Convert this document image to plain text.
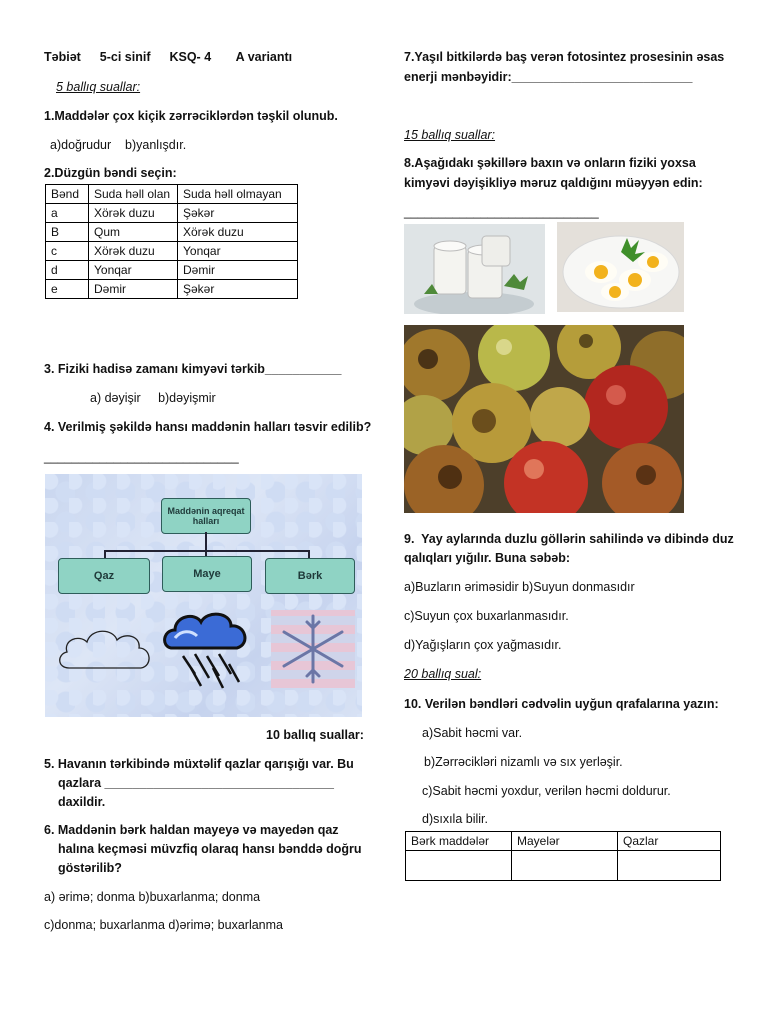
Təbiət 5-ci sinif KSQ- 4 A variantı
5 ballıq suallar:
1.Maddələr çox kiçik zərrəciklərdən təşkil olunub.
a)doğrudur    b)yanlışdır.
2.Düzgün bəndi seçin:
Bənd	Suda həll olan	Suda həll olmayan
a	Xörək duzu	Şəkər
B	Qum	Xörək duzu
c	Xörək duzu	Yonqar
d	Yonqar	Dəmir
e	Dəmir	Şəkər
3. Fiziki hadisə zamanı kimyəvi tərkib___________
a) dəyişir     b)dəyişmir
4. Verilmiş şəkildə hansı maddənin halları təsvir edilib?
____________________________
Maddənin aqreqat halları
Qaz	Maye	Bərk
10 ballıq suallar:
5. Havanın tərkibində müxtəlif qazlar qarışığı var. Bu
qazlara _________________________________
daxildir.
6. Maddənin bərk haldan mayeyə və mayedən qaz
halına keçməsi müvzfiq olaraq hansı bənddə doğru
göstərilib?
a) ərimə; donma b)buxarlanma; donma
c)donma; buxarlanma d)ərimə; buxarlanma
7.Yaşıl bitkilərdə baş verən fotosintez prosesinin əsas
enerji mənbəyidir:__________________________
15 ballıq suallar:
8.Aşağıdakı şəkillərə baxın və onların fiziki yoxsa
kimyəvi dəyişikliyə məruz qaldığını müəyyən edin:
____________________________
9.  Yay aylarında duzlu göllərin sahilində və dibində duz
qalıqları yığılır. Buna səbəb:
a)Buzların əriməsidir b)Suyun donmasıdır
c)Suyun çox buxarlanmasıdır.
d)Yağışların çox yağmasıdır.
20 ballıq sual:
10. Verilən bəndləri cədvəlin uyğun qrafalarına yazın:
a)Sabit həcmi var.
b)Zərrəcikləri nizamlı və sıx yerləşir.
c)Sabit həcmi yoxdur, verilən həcmi doldurur.
d)sıxıla bilir.
Bərk maddələr	Mayelər	Qazlar
